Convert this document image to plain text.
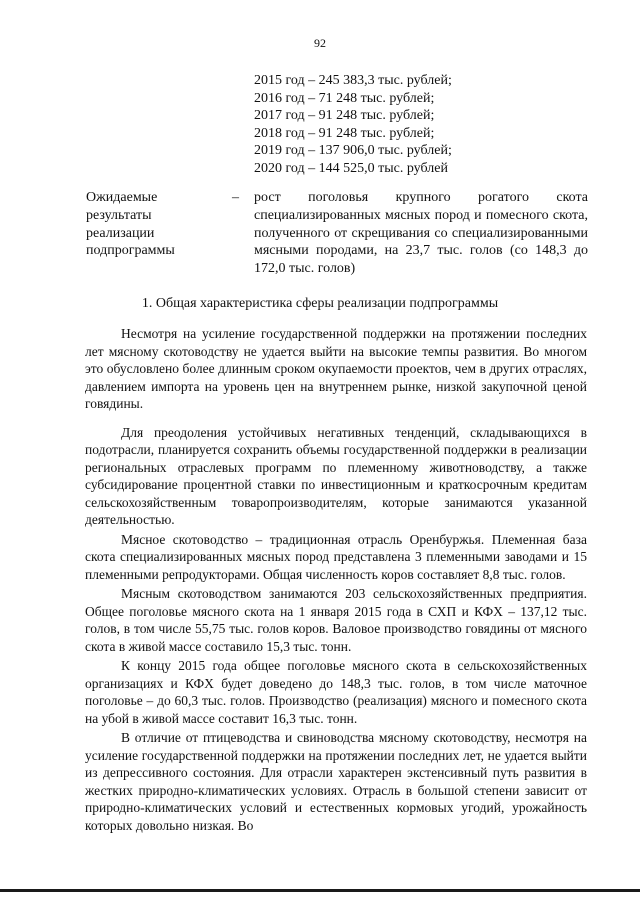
92
2015 год – 245 383,3 тыс. рублей;
2016 год – 71 248 тыс. рублей;
2017 год – 91 248 тыс. рублей;
2018 год – 91 248 тыс. рублей;
2019 год – 137 906,0 тыс. рублей;
2020 год – 144 525,0 тыс. рублей
Ожидаемые
результаты
реализации
подпрограммы
– рост поголовья крупного рогатого скота специализированных мясных пород и помесного скота, полученного от скрещивания со специализированными мясными породами, на 23,7 тыс. голов (со 148,3 до 172,0 тыс. голов)
1. Общая характеристика сферы реализации подпрограммы

Несмотря на усиление государственной поддержки на протяжении последних лет мясному скотоводству не удается выйти на высокие темпы развития. Во многом это обусловлено более длинным сроком окупаемости проектов, чем в других отраслях, давлением импорта на уровень цен на внутреннем рынке, низкой закупочной ценой говядины.

Для преодоления устойчивых негативных тенденций, складывающихся в подотрасли, планируется сохранить объемы государственной поддержки в реализации региональных отраслевых программ по племенному животноводству, а также субсидирование процентной ставки по инвестиционным и краткосрочным кредитам сельскохозяйственным товаропроизводителям, которые занимаются указанной деятельностью.

Мясное скотоводство – традиционная отрасль Оренбуржья. Племенная база скота специализированных мясных пород представлена 3 племенными заводами и 15 племенными репродукторами. Общая численность коров составляет 8,8 тыс. голов.

Мясным скотоводством занимаются 203 сельскохозяйственных предприятия. Общее поголовье мясного скота на 1 января 2015 года в СХП и КФХ – 137,12 тыс. голов, в том числе 55,75 тыс. голов коров. Валовое производство говядины от мясного скота в живой массе составило 15,3 тыс. тонн.

К концу 2015 года общее поголовье мясного скота в сельскохозяйственных организациях и КФХ будет доведено до 148,3 тыс. голов, в том числе маточное поголовье – до 60,3 тыс. голов. Производство (реализация) мясного и помесного скота на убой в живой массе составит 16,3 тыс. тонн.

В отличие от птицеводства и свиноводства мясному скотоводству, несмотря на усиление государственной поддержки на протяжении последних лет, не удается выйти из депрессивного состояния. Для отрасли характерен экстенсивный путь развития в жестких природно-климатических условиях. Отрасль в большой степени зависит от природно-климатических условий и естественных кормовых угодий, урожайность которых довольно низкая. Во
